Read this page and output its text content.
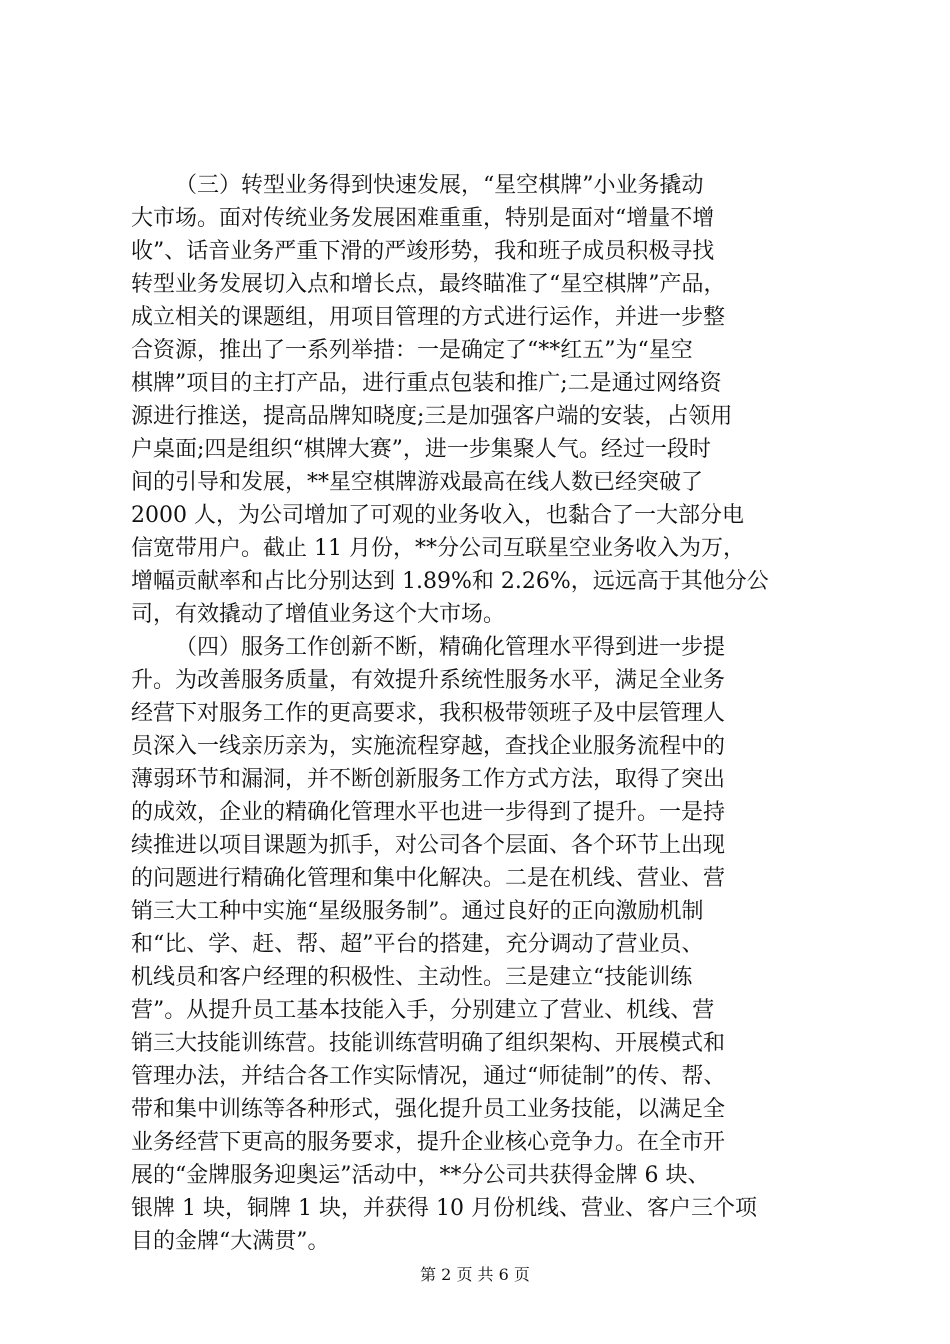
（三）转型业务得到快速发展，“星空棋牌”小业务撬动
大市场。面对传统业务发展困难重重，特别是面对“增量不增
收”、话音业务严重下滑的严竣形势，我和班子成员积极寻找
转型业务发展切入点和增长点，最终瞄准了“星空棋牌”产品，
成立相关的课题组，用项目管理的方式进行运作，并进一步整
合资源，推出了一系列举措：一是确定了“**红五”为“星空
棋牌”项目的主打产品，进行重点包装和推广;二是通过网络资
源进行推送，提高品牌知晓度;三是加强客户端的安装，占领用
户桌面;四是组织“棋牌大赛”，进一步集聚人气。经过一段时
间的引导和发展，**星空棋牌游戏最高在线人数已经突破了
2000 人，为公司增加了可观的业务收入，也黏合了一大部分电
信宽带用户。截止 11 月份，**分公司互联星空业务收入为万，
增幅贡献率和占比分别达到 1.89%和 2.26%，远远高于其他分公
司，有效撬动了增值业务这个大市场。
（四）服务工作创新不断，精确化管理水平得到进一步提
升。为改善服务质量，有效提升系统性服务水平，满足全业务
经营下对服务工作的更高要求，我积极带领班子及中层管理人
员深入一线亲历亲为，实施流程穿越，查找企业服务流程中的
薄弱环节和漏洞，并不断创新服务工作方式方法，取得了突出
的成效，企业的精确化管理水平也进一步得到了提升。一是持
续推进以项目课题为抓手，对公司各个层面、各个环节上出现
的问题进行精确化管理和集中化解决。二是在机线、营业、营
销三大工种中实施“星级服务制”。通过良好的正向激励机制
和“比、学、赶、帮、超”平台的搭建，充分调动了营业员、
机线员和客户经理的积极性、主动性。三是建立“技能训练
营”。从提升员工基本技能入手，分别建立了营业、机线、营
销三大技能训练营。技能训练营明确了组织架构、开展模式和
管理办法，并结合各工作实际情况，通过“师徒制”的传、帮、
带和集中训练等各种形式，强化提升员工业务技能，以满足全
业务经营下更高的服务要求，提升企业核心竞争力。在全市开
展的“金牌服务迎奥运”活动中，**分公司共获得金牌 6 块、
银牌 1 块，铜牌 1 块，并获得 10 月份机线、营业、客户三个项
目的金牌“大满贯”。
第 2 页 共 6 页
